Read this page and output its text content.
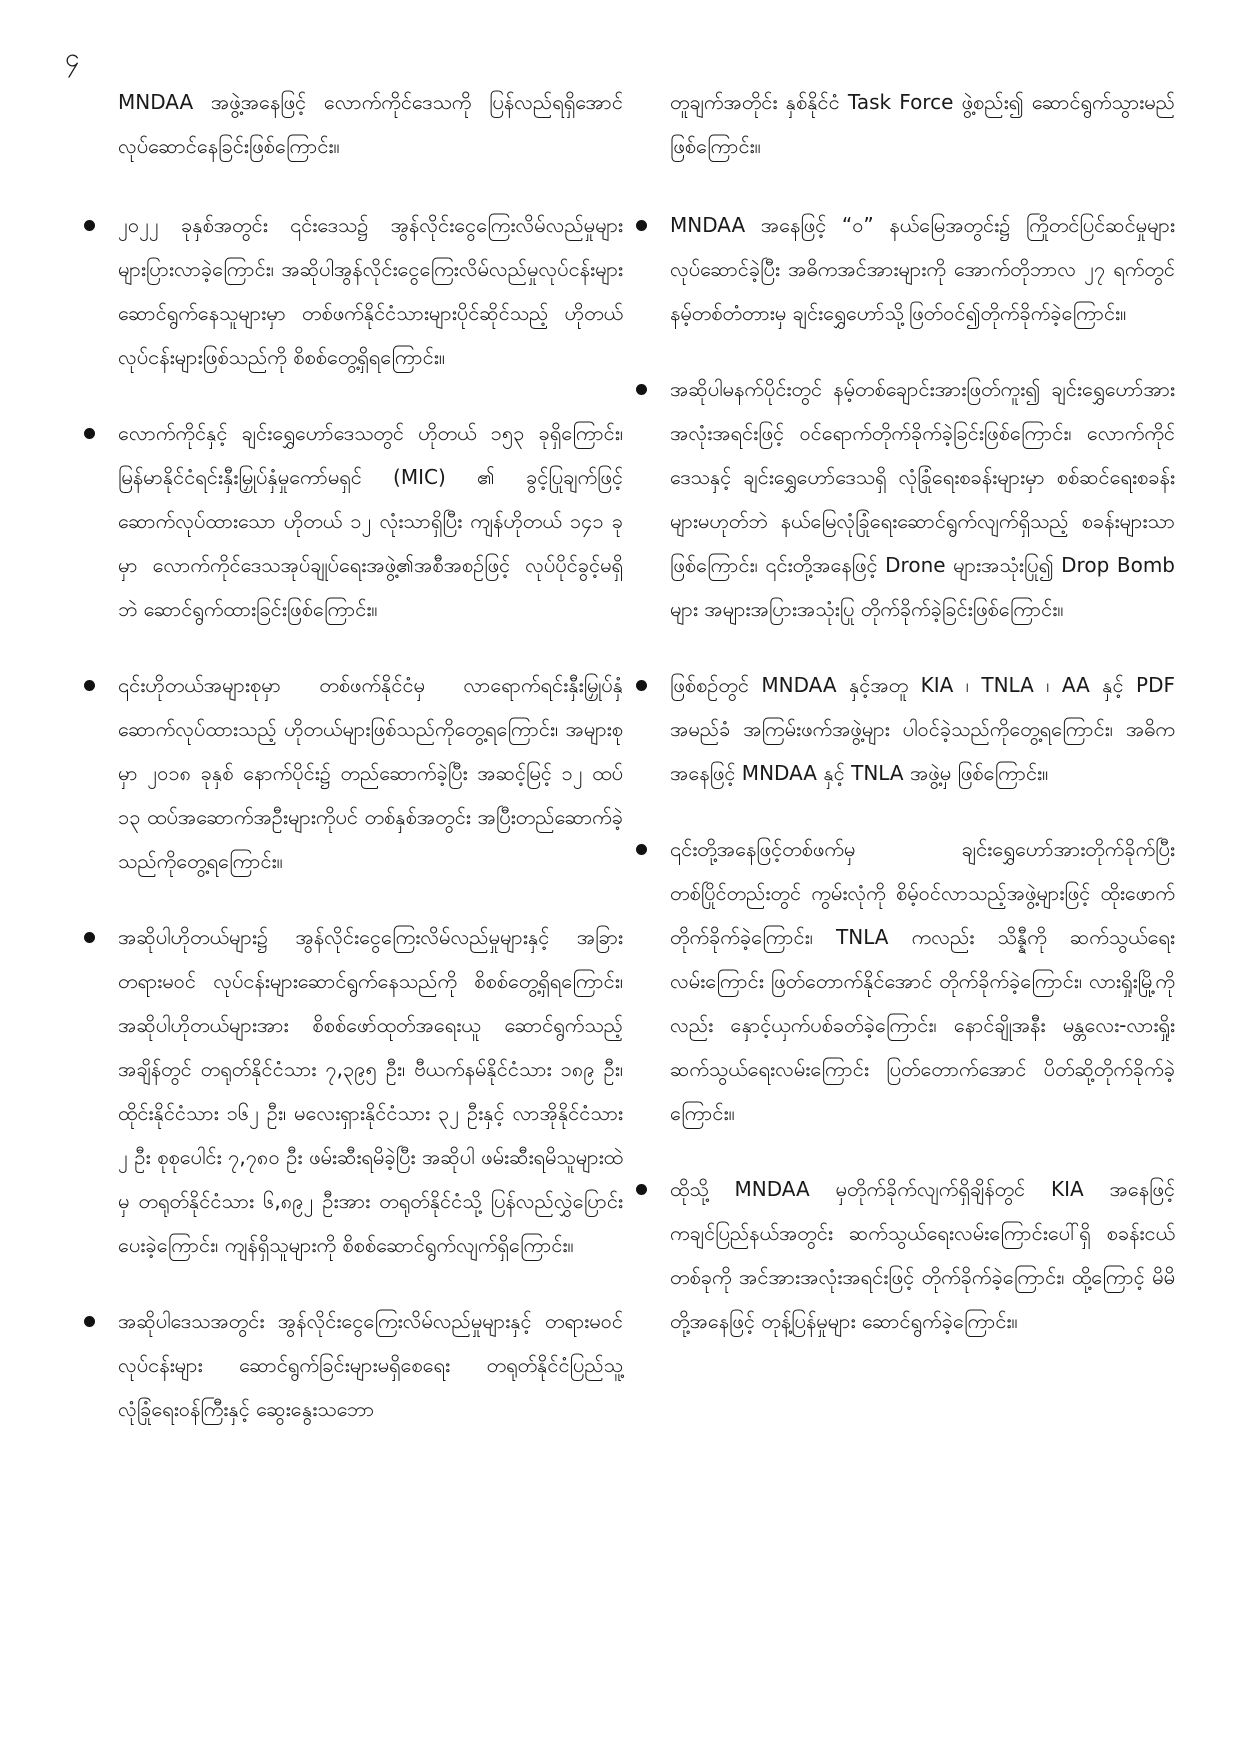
၄

MNDAA အဖွဲ့အနေဖြင့် လောက်ကိုင်ဒေသကို ပြန်လည်ရရှိအောင် လုပ်ဆောင်နေခြင်းဖြစ်ကြောင်း။

၂၀၂၂ ခုနှစ်အတွင်း ၎င်းဒေသ၌ အွန်လိုင်းငွေကြေးလိမ်လည်မှုများ များပြားလာခဲ့ကြောင်း၊ အဆိုပါအွန်လိုင်းငွေကြေးလိမ်လည်မှုလုပ်ငန်းများ ဆောင်ရွက်နေသူများမှာ တစ်ဖက်နိုင်ငံသားများပိုင်ဆိုင်သည့် ဟိုတယ်လုပ်ငန်းများဖြစ်သည်ကို စိစစ်တွေ့ရှိရကြောင်း။

လောက်ကိုင်နှင့် ချင်းရွှေဟော်ဒေသတွင် ဟိုတယ် ၁၅၃ ခုရှိကြောင်း၊ မြန်မာနိုင်ငံရင်းနှီးမြှုပ်နှံမှုကော်မရှင် (MIC) ၏ ခွင့်ပြုချက်ဖြင့်ဆောက်လုပ်ထားသော ဟိုတယ် ၁၂ လုံးသာရှိပြီး ကျန်ဟိုတယ် ၁၄၁ ခုမှာ လောက်ကိုင်ဒေသအုပ်ချုပ်ရေးအဖွဲ့၏အစီအစဉ်ဖြင့် လုပ်ပိုင်ခွင့်မရှိဘဲ ဆောင်ရွက်ထားခြင်းဖြစ်ကြောင်း။

၎င်းဟိုတယ်အများစုမှာ တစ်ဖက်နိုင်ငံမှ လာရောက်ရင်းနှီးမြှုပ်နှံ ဆောက်လုပ်ထားသည့် ဟိုတယ်များဖြစ်သည်ကိုတွေ့ရကြောင်း၊ အများစုမှာ ၂၀၁၈ ခုနှစ် နောက်ပိုင်း၌ တည်ဆောက်ခဲ့ပြီး အဆင့်မြင့် ၁၂ ထပ် ၁၃ ထပ်အဆောက်အဦးများကိုပင် တစ်နှစ်အတွင်း အပြီးတည်ဆောက်ခဲ့သည်ကိုတွေ့ရကြောင်း။

အဆိုပါဟိုတယ်များ၌ အွန်လိုင်းငွေကြေးလိမ်လည်မှုများနှင့် အခြားတရားမဝင် လုပ်ငန်းများဆောင်ရွက်နေသည်ကို စိစစ်တွေ့ရှိရကြောင်း၊ အဆိုပါဟိုတယ်များအား စိစစ်ဖော်ထုတ်အရေးယူ ဆောင်ရွက်သည့်အချိန်တွင် တရုတ်နိုင်ငံသား ၇,၃၉၅ ဦး၊ ဗီယက်နမ်နိုင်ငံသား ၁၈၉ ဦး၊ ထိုင်းနိုင်ငံသား ၁၆၂ ဦး၊ မလေးရှားနိုင်ငံသား ၃၂ ဦးနှင့် လာအိုနိုင်ငံသား ၂ ဦး စုစုပေါင်း ၇,၇၈၀ ဦး ဖမ်းဆီးရမိခဲ့ပြီး အဆိုပါ ဖမ်းဆီးရမိသူများထဲမှ တရုတ်နိုင်ငံသား ၆,၈၉၂ ဦးအား တရုတ်နိုင်ငံသို့ ပြန်လည်လွှဲပြောင်းပေးခဲ့ကြောင်း၊ ကျန်ရှိသူများကို စိစစ်ဆောင်ရွက်လျက်ရှိကြောင်း။

အဆိုပါဒေသအတွင်း အွန်လိုင်းငွေကြေးလိမ်လည်မှုများနှင့် တရားမဝင်လုပ်ငန်းများ ဆောင်ရွက်ခြင်းများမရှိစေရေး တရုတ်နိုင်ငံပြည်သူ့လုံခြုံရေးဝန်ကြီးနှင့် ဆွေးနွေးသဘော

တူချက်အတိုင်း နှစ်နိုင်ငံ Task Force ဖွဲ့စည်း၍ ဆောင်ရွက်သွားမည်ဖြစ်ကြောင်း။

MNDAA အနေဖြင့် “ဝ” နယ်မြေအတွင်း၌ ကြိုတင်ပြင်ဆင်မှုများလုပ်ဆောင်ခဲ့ပြီး အဓိကအင်အားများကို အောက်တိုဘာလ ၂၇ ရက်တွင် နမ့်တစ်တံတားမှ ချင်းရွှေဟော်သို့ဖြတ်ဝင်၍တိုက်ခိုက်ခဲ့ကြောင်း။

အဆိုပါမနက်ပိုင်းတွင် နမ့်တစ်ချောင်းအားဖြတ်ကူး၍ ချင်းရွှေဟော်အား အလုံးအရင်းဖြင့် ဝင်ရောက်တိုက်ခိုက်ခဲ့ခြင်းဖြစ်ကြောင်း၊ လောက်ကိုင်ဒေသနှင့် ချင်းရွှေဟော်ဒေသရှိ လုံခြုံရေးစခန်းများမှာ စစ်ဆင်ရေးစခန်းများမဟုတ်ဘဲ နယ်မြေလုံခြုံရေးဆောင်ရွက်လျက်ရှိသည့် စခန်းများသာဖြစ်ကြောင်း၊ ၎င်းတို့အနေဖြင့် Drone များအသုံးပြု၍ Drop Bomb များ အများအပြားအသုံးပြု တိုက်ခိုက်ခဲ့ခြင်းဖြစ်ကြောင်း။

ဖြစ်စဉ်တွင် MNDAA နှင့်အတူ KIA ၊ TNLA ၊ AA နှင့် PDF အမည်ခံ အကြမ်းဖက်အဖွဲ့များ ပါဝင်ခဲ့သည်ကိုတွေ့ရကြောင်း၊ အဓိကအနေဖြင့် MNDAA နှင့် TNLA အဖွဲ့မှ ဖြစ်ကြောင်း။

၎င်းတို့အနေဖြင့်တစ်ဖက်မှ ချင်းရွှေဟော်အားတိုက်ခိုက်ပြီး တစ်ပြိုင်တည်းတွင် ကွမ်းလုံကို စိမ့်ဝင်လာသည့်အဖွဲ့များဖြင့် ထိုးဖောက်တိုက်ခိုက်ခဲ့ကြောင်း၊ TNLA ကလည်း သိန္နီကို ဆက်သွယ်ရေးလမ်းကြောင်း ဖြတ်တောက်နိုင်အောင် တိုက်ခိုက်ခဲ့ကြောင်း၊ လားရှိုးမြို့ကိုလည်း နှောင့်ယှက်ပစ်ခတ်ခဲ့ကြောင်း၊ နောင်ချိုအနီး မန္တလေး-လားရှိုး ဆက်သွယ်ရေးလမ်းကြောင်း ပြတ်တောက်အောင် ပိတ်ဆို့တိုက်ခိုက်ခဲ့ကြောင်း။

ထိုသို့ MNDAA မှတိုက်ခိုက်လျက်ရှိချိန်တွင် KIA အနေဖြင့် ကချင်ပြည်နယ်အတွင်း ဆက်သွယ်ရေးလမ်းကြောင်းပေါ်ရှိ စခန်းငယ်တစ်ခုကို အင်အားအလုံးအရင်းဖြင့် တိုက်ခိုက်ခဲ့ကြောင်း၊ ထို့ကြောင့် မိမိတို့အနေဖြင့် တုန့်ပြန်မှုများ ဆောင်ရွက်ခဲ့ကြောင်း။
